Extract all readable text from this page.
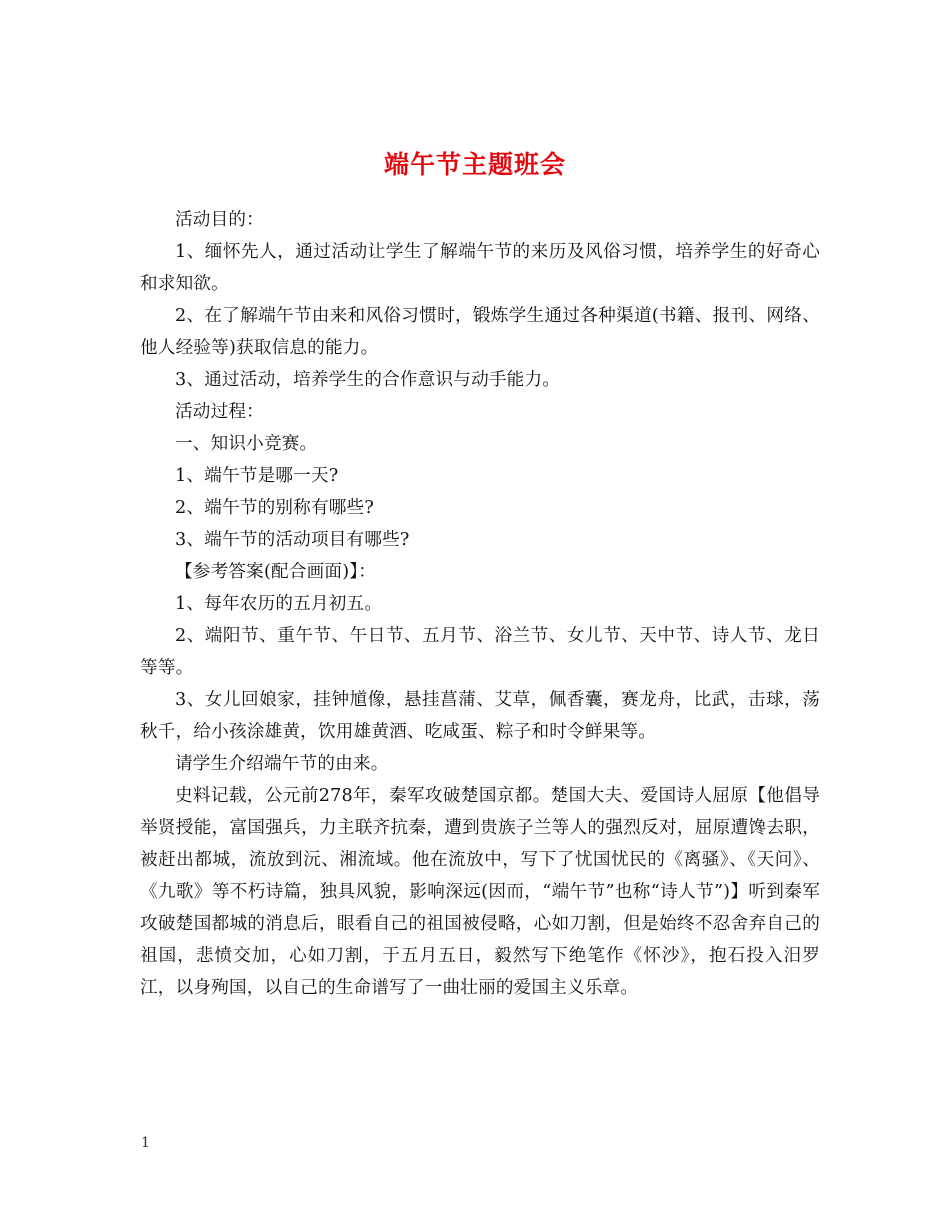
端午节主题班会

活动目的：

1、缅怀先人，通过活动让学生了解端午节的来历及风俗习惯，培养学生的好奇心和求知欲。

2、在了解端午节由来和风俗习惯时，锻炼学生通过各种渠道(书籍、报刊、网络、他人经验等)获取信息的能力。

3、通过活动，培养学生的合作意识与动手能力。

活动过程：

一、知识小竞赛。

1、端午节是哪一天?

2、端午节的别称有哪些?

3、端午节的活动项目有哪些?

【参考答案(配合画面)】：

1、每年农历的五月初五。

2、端阳节、重午节、午日节、五月节、浴兰节、女儿节、天中节、诗人节、龙日等等。

3、女儿回娘家，挂钟馗像，悬挂菖蒲、艾草，佩香囊，赛龙舟，比武，击球，荡秋千，给小孩涂雄黄，饮用雄黄酒、吃咸蛋、粽子和时令鲜果等。

请学生介绍端午节的由来。

史料记载，公元前278年，秦军攻破楚国京都。楚国大夫、爱国诗人屈原【他倡导举贤授能，富国强兵，力主联齐抗秦，遭到贵族子兰等人的强烈反对，屈原遭馋去职，被赶出都城，流放到沅、湘流域。他在流放中，写下了忧国忧民的《离骚》、《天问》、《九歌》等不朽诗篇，独具风貌，影响深远(因而，“端午节”也称“诗人节”)】听到秦军攻破楚国都城的消息后，眼看自己的祖国被侵略，心如刀割，但是始终不忍舍弃自己的祖国，悲愤交加，心如刀割，于五月五日，毅然写下绝笔作《怀沙》，抱石投入汨罗江，以身殉国，以自己的生命谱写了一曲壮丽的爱国主义乐章。

1
